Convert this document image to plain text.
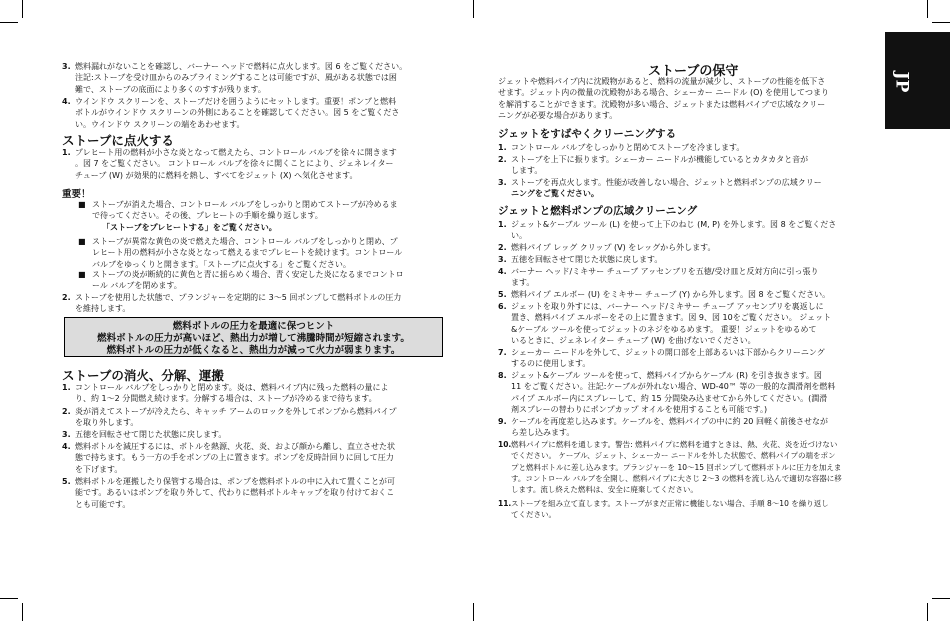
JP
3. 燃料漏れがないことを確認し、バーナー ヘッドで燃料に点火します。図 6 をご覧ください。
注記:ストーブを受け皿からのみプライミングすることは可能ですが、風がある状態では困
難で、ストーブの底面により多くのすすが残ります。
4. ウインドウ スクリーンを、ストーブだけを囲うようにセットします。重要！ポンプと燃料
ボトルがウインドウ スクリーンの外側にあることを確認してください。図 5 をご覧くださ
い。ウインドウ スクリーンの端をあわせます。
ストーブに点火する
1. プレヒート用の燃料が小さな炎となって燃えたら、コントロール バルブを徐々に開きます
。図 7 をご覧ください。 コントロール バルブを徐々に開くことにより、ジェネレイター
チューブ (W) が効果的に燃料を熱し、すべてをジェット (X) へ気化させます。
重要！
■ ストーブが消えた場合、コントロール バルブをしっかりと閉めてストーブが冷めるま
で待ってください。その後、プレヒートの手順を繰り返します。
「ストーブをプレヒートする」をご覧ください。
■ ストーブが異常な黄色の炎で燃えた場合、コントロール バルブをしっかりと閉め、プ
レヒート用の燃料が小さな炎となって燃えるまでプレヒートを続けます。コントロール
バルブをゆっくりと開きます。「ストーブに点火する」をご覧ください。
■ ストーブの炎が断続的に黄色と青に揺らめく場合、青く安定した炎になるまでコントロ
ール バルブを閉めます。
2. ストーブを使用した状態で、プランジャーを定期的に 3～5 回ポンプして燃料ボトルの圧力
を維持します。
燃料ボトルの圧力を最適に保つヒント
燃料ボトルの圧力が高いほど、熱出力が増して沸騰時間が短縮されます。
燃料ボトルの圧力が低くなると、熱出力が減って火力が弱まります。
ストーブの消火、分解、運搬
1. コントロール バルブをしっかりと閉めます。炎は、燃料パイプ内に残った燃料の量によ
り、約 1～2 分間燃え続けます。分解する場合は、ストーブが冷めるまで待ちます。
2. 炎が消えてストーブが冷えたら、キャッチ アームのロックを外してポンプから燃料パイプ
を取り外します。
3. 五徳を回転させて閉じた状態に戻します。
4. 燃料ボトルを減圧するには、ボトルを熱源、火花、炎、および顔から離し、直立させた状
態で持ちます。もう一方の手をポンプの上に置きます。ポンプを反時計回りに回して圧力
を下げます。
5. 燃料ボトルを運搬したり保管する場合は、ポンプを燃料ボトルの中に入れて置くことが可
能です。あるいはポンプを取り外して、代わりに燃料ボトルキャップを取り付けておくこ
とも可能です。
ストーブの保守
ジェットや燃料パイプ内に沈殿物があると、燃料の流量が減少し、ストーブの性能を低下さ
せます。ジェット内の微量の沈殿物がある場合、シェーカー ニードル (O) を使用してつまり
を解消することができます。沈殿物が多い場合、ジェットまたは燃料パイプで広域なクリー
ニングが必要な場合があります。
ジェットをすばやくクリーニングする
1. コントロール バルブをしっかりと閉めてストーブを冷まします。
2. ストーブを上下に振ります。シェーカー ニードルが機能しているとカタカタと音が
します。
3. ストーブを再点火します。性能が改善しない場合、ジェットと燃料ポンプの広域クリー
ニングをご覧ください。
ジェットと燃料ポンプの広域クリーニング
1. ジェット&ケーブル ツール (L) を使って上下のねじ (M, P) を外します。図 8 をご覧くださ
い。
2. 燃料パイプ レッグ クリップ (V) をレッグから外します。
3. 五徳を回転させて閉じた状態に戻します。
4. バーナー ヘッド/ミキサー チューブ アッセンブリを五徳/受け皿と反対方向に引っ張り
ます。
5. 燃料パイプ エルボー (U) をミキサー チューブ (Y) から外します。図 8 をご覧ください。
6. ジェットを取り外すには、バーナー ヘッド/ミキサー チューブ アッセンブリを裏返しに
置き、燃料パイプ エルボーをその上に置きます。図 9、図 10をご覧ください。 ジェット
&ケーブル ツールを使ってジェットのネジをゆるめます。 重要！ジェットをゆるめて
いるときに、ジェネレイター チューブ (W) を曲げないでください。
7. シェーカー ニードルを外して、ジェットの開口部を上部あるいは下部からクリーニング
するのに使用します。
8. ジェット&ケーブル ツールを使って、燃料パイプからケーブル (R) を引き抜きます。図
11 をご覧ください。注記:ケーブルが外れない場合、WD-40™ 等の一般的な潤滑剤を燃料
パイプ エルボー内にスプレーして、約 15 分間染み込ませてから外してください。(潤滑
剤スプレーの替わりにポンプカップ オイルを使用することも可能です。)
9. ケーブルを再度差し込みます。ケーブルを、燃料パイプの中に約 20 回軽く前後させなが
ら差し込みます。
10.燃料パイプに燃料を通します。警告: 燃料パイプに燃料を通すときは、熱、火花、炎を近づけない
でください。 ケーブル、ジェット、シェーカー ニードルを外した状態で、燃料パイプの端をポン
プと燃料ボトルに差し込みます。プランジャーを 10～15 回ポンプして燃料ボトルに圧力を加えま
す。コントロール バルブを全開し、燃料パイプに大さじ 2～3 の燃料を流し込んで適切な容器に移
します。流し終えた燃料は、安全に廃棄してください。
11.ストーブを組み立て直します。ストーブがまだ正常に機能しない場合、手順 8～10 を繰り返し
てください。
